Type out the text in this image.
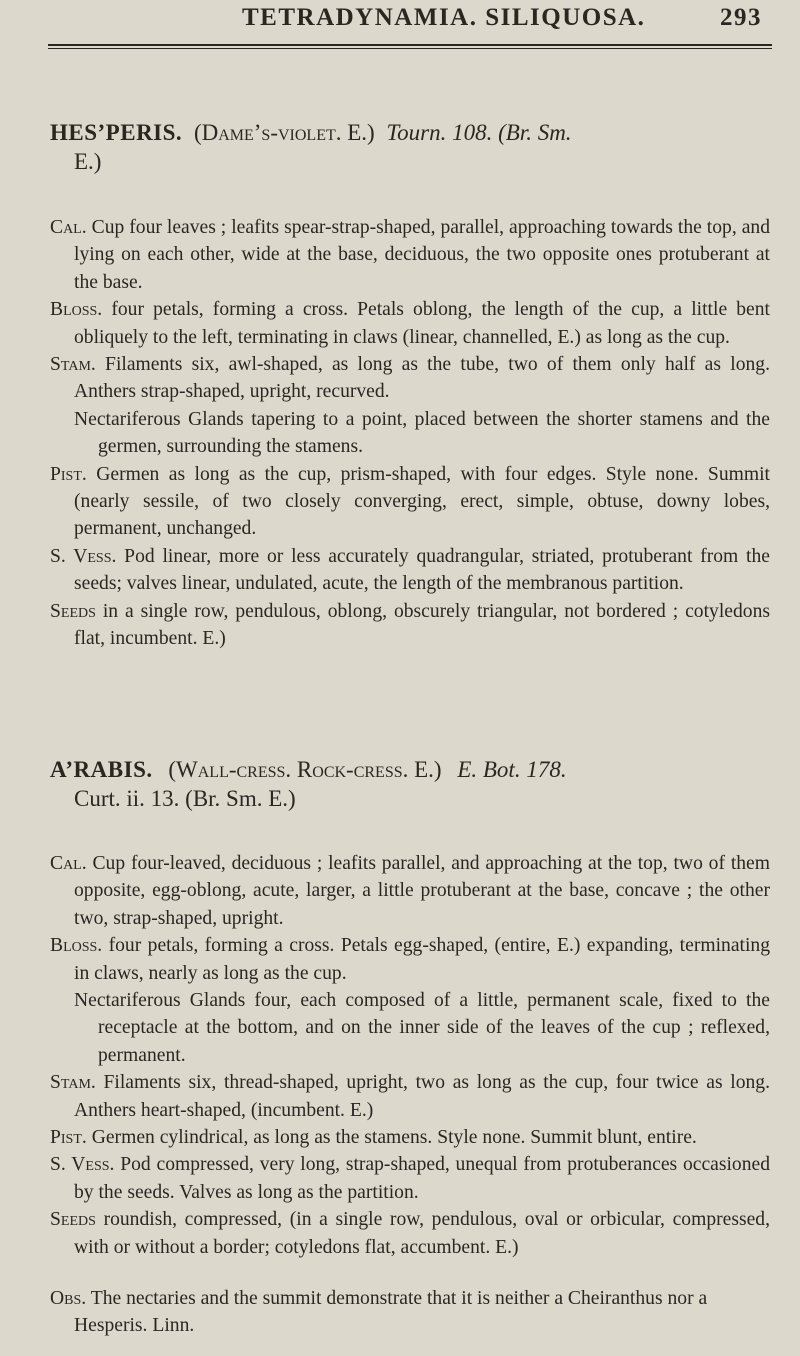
TETRADYNAMIA. SILIQUOSA.	293
HES’PERIS. (Dame’s-violet. E.) Tourn. 108. (Br. Sm.
E.)

Cal. Cup four leaves ; leafits spear-strap-shaped, parallel, approaching towards the top, and lying on each other, wide at the base, deciduous, the two opposite ones protuberant at the base.

Bloss. four petals, forming a cross. Petals oblong, the length of the cup, a little bent obliquely to the left, terminating in claws (linear, channelled, E.) as long as the cup.

Stam. Filaments six, awl-shaped, as long as the tube, two of them only half as long. Anthers strap-shaped, upright, recurved.

Nectariferous Glands tapering to a point, placed between the shorter stamens and the germen, surrounding the stamens.

Pist. Germen as long as the cup, prism-shaped, with four edges. Style none. Summit (nearly sessile, of two closely converging, erect, simple, obtuse, downy lobes, permanent, unchanged.

S. Vess. Pod linear, more or less accurately quadrangular, striated, protuberant from the seeds; valves linear, undulated, acute, the length of the membranous partition.

Seeds in a single row, pendulous, oblong, obscurely triangular, not bordered ; cotyledons flat, incumbent. E.)

A’RABIS. (Wall-cress. Rock-cress. E.) E. Bot. 178.
Curt. ii. 13. (Br. Sm. E.)

Cal. Cup four-leaved, deciduous ; leafits parallel, and approaching at the top, two of them opposite, egg-oblong, acute, larger, a little protuberant at the base, concave ; the other two, strap-shaped, upright.

Bloss. four petals, forming a cross. Petals egg-shaped, (entire, E.) expanding, terminating in claws, nearly as long as the cup.

Nectariferous Glands four, each composed of a little, permanent scale, fixed to the receptacle at the bottom, and on the inner side of the leaves of the cup ; reflexed, permanent.

Stam. Filaments six, thread-shaped, upright, two as long as the cup, four twice as long. Anthers heart-shaped, (incumbent. E.)

Pist. Germen cylindrical, as long as the stamens. Style none. Summit blunt, entire.

S. Vess. Pod compressed, very long, strap-shaped, unequal from protuberances occasioned by the seeds. Valves as long as the partition.

Seeds roundish, compressed, (in a single row, pendulous, oval or orbicular, compressed, with or without a border; cotyledons flat, accumbent. E.)

Obs. The nectaries and the summit demonstrate that it is neither a Cheiranthus nor a Hesperis. Linn.
